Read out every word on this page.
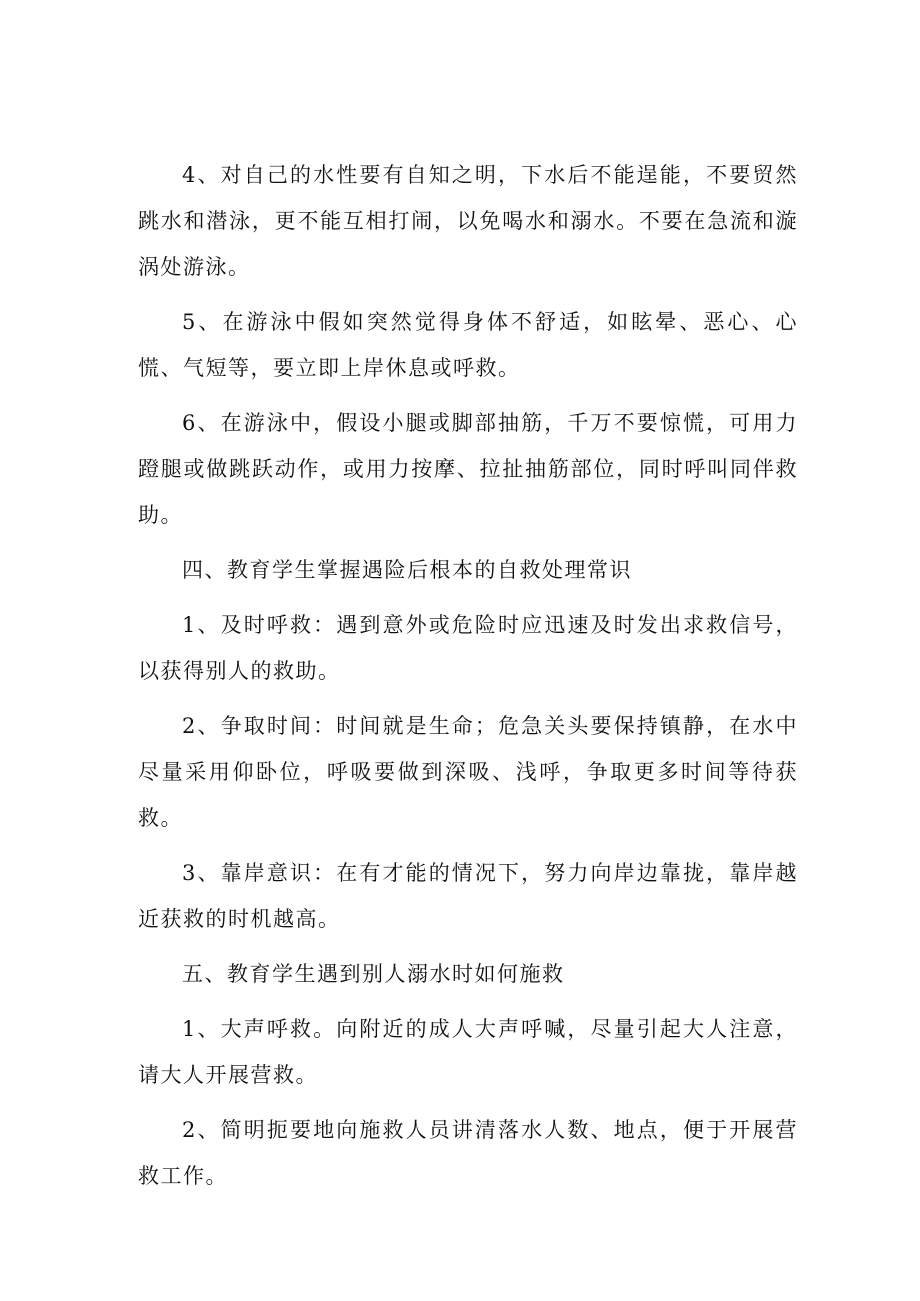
4、对自己的水性要有自知之明，下水后不能逞能，不要贸然跳水和潜泳，更不能互相打闹，以免喝水和溺水。不要在急流和漩涡处游泳。

5、在游泳中假如突然觉得身体不舒适，如眩晕、恶心、心慌、气短等，要立即上岸休息或呼救。

6、在游泳中，假设小腿或脚部抽筋，千万不要惊慌，可用力蹬腿或做跳跃动作，或用力按摩、拉扯抽筋部位，同时呼叫同伴救助。

四、教育学生掌握遇险后根本的自救处理常识

1、及时呼救：遇到意外或危险时应迅速及时发出求救信号，以获得别人的救助。

2、争取时间：时间就是生命；危急关头要保持镇静，在水中尽量采用仰卧位，呼吸要做到深吸、浅呼，争取更多时间等待获救。

3、靠岸意识：在有才能的情况下，努力向岸边靠拢，靠岸越近获救的时机越高。

五、教育学生遇到别人溺水时如何施救

1、大声呼救。向附近的成人大声呼喊，尽量引起大人注意，请大人开展营救。

2、简明扼要地向施救人员讲清落水人数、地点，便于开展营救工作。
